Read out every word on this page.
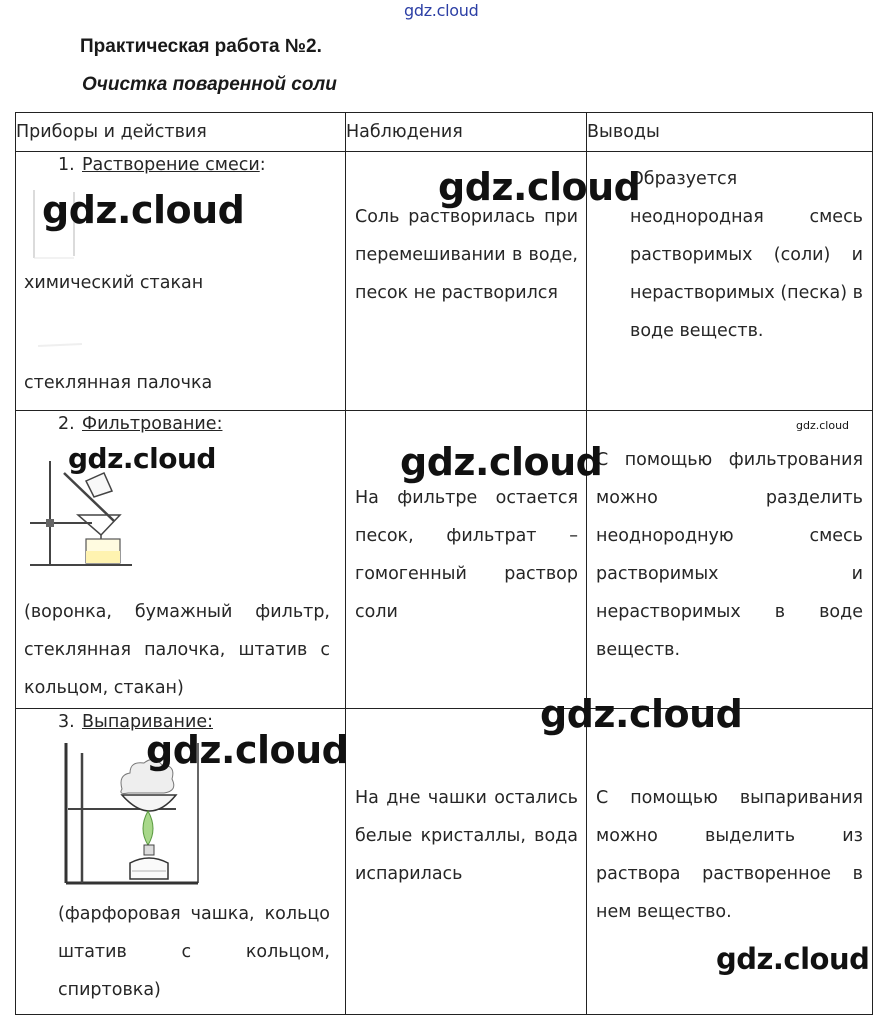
gdz.cloud
Практическая работа №2.
Очистка поваренной соли
Приборы и действия	Наблюдения	Выводы

1. Растворение смеси:
химический стакан
стеклянная палочка	Соль растворилась при перемешивании в воде, песок не растворился	Образуется неоднородная смесь растворимых (соли) и нерастворимых (песка) в воде веществ.

2. Фильтрование:
(воронка, бумажный фильтр, стеклянная палочка, штатив с кольцом, стакан)	На фильтре остается песок, фильтрат – гомогенный раствор соли	С помощью фильтрования можно разделить неоднородную смесь растворимых и нерастворимых в воде веществ.

3. Выпаривание:
(фарфоровая чашка, кольцо штатив с кольцом, спиртовка)	На дне чашки остались белые кристаллы, вода испарилась	С помощью выпаривания можно выделить из раствора растворенное в нем вещество.
gdz.cloud
gdz.cloud
gdz.cloud	gdz.cloud
gdz.cloud
gdz.cloud
gdz.cloud
gdz.cloud
